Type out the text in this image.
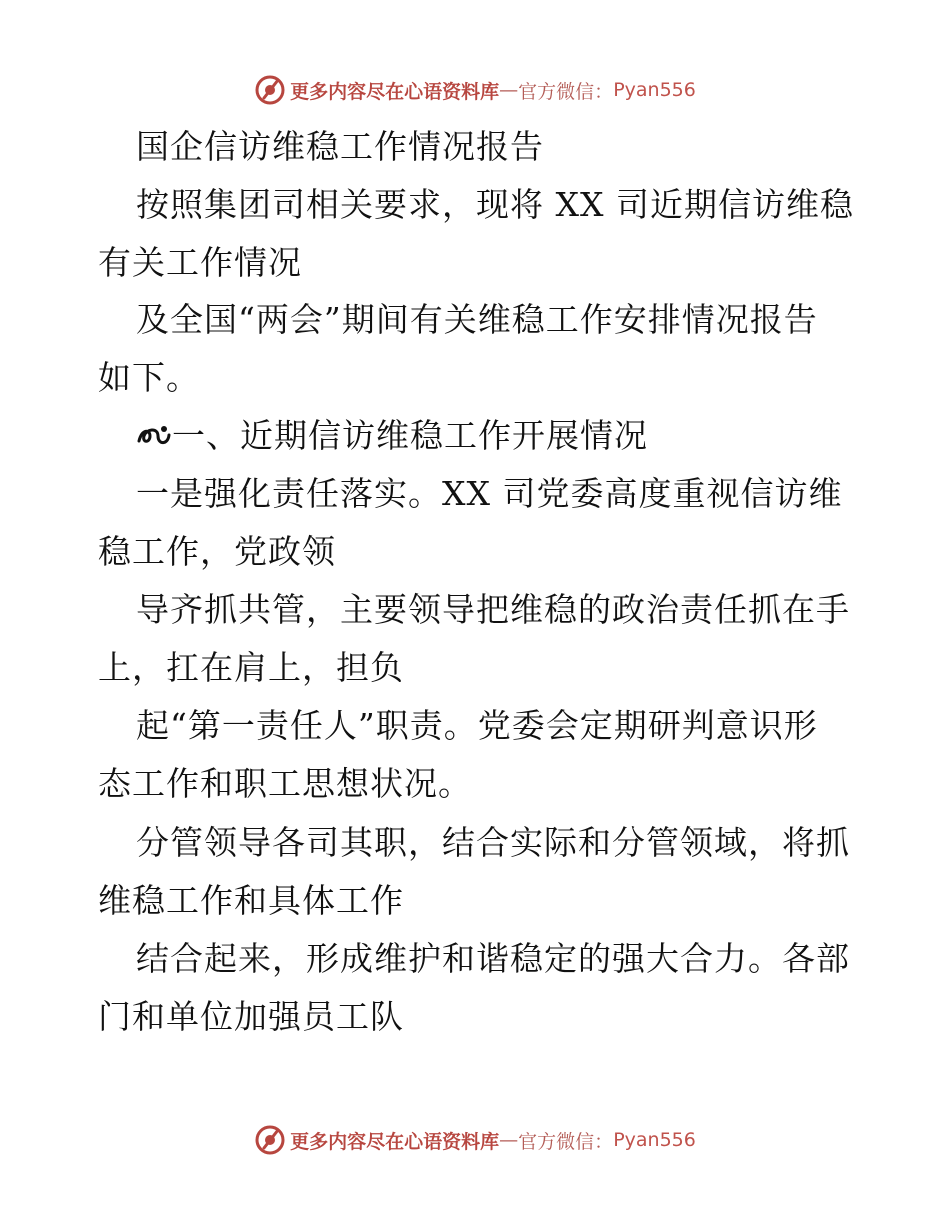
更多内容尽在心语资料库 — 官方微信： Pyan556
国企信访维稳工作情况报告
按照集团司相关要求，现将 XX 司近期信访维稳
有关工作情况
及全国“两会”期间有关维稳工作安排情况报告
如下。
一、近期信访维稳工作开展情况
一是强化责任落实。XX 司党委高度重视信访维
稳工作，党政领
导齐抓共管，主要领导把维稳的政治责任抓在手
上，扛在肩上，担负
起“第一责任人”职责。党委会定期研判意识形
态工作和职工思想状况。
分管领导各司其职，结合实际和分管领域，将抓
维稳工作和具体工作
结合起来，形成维护和谐稳定的强大合力。各部
门和单位加强员工队
更多内容尽在心语资料库 — 官方微信： Pyan556
